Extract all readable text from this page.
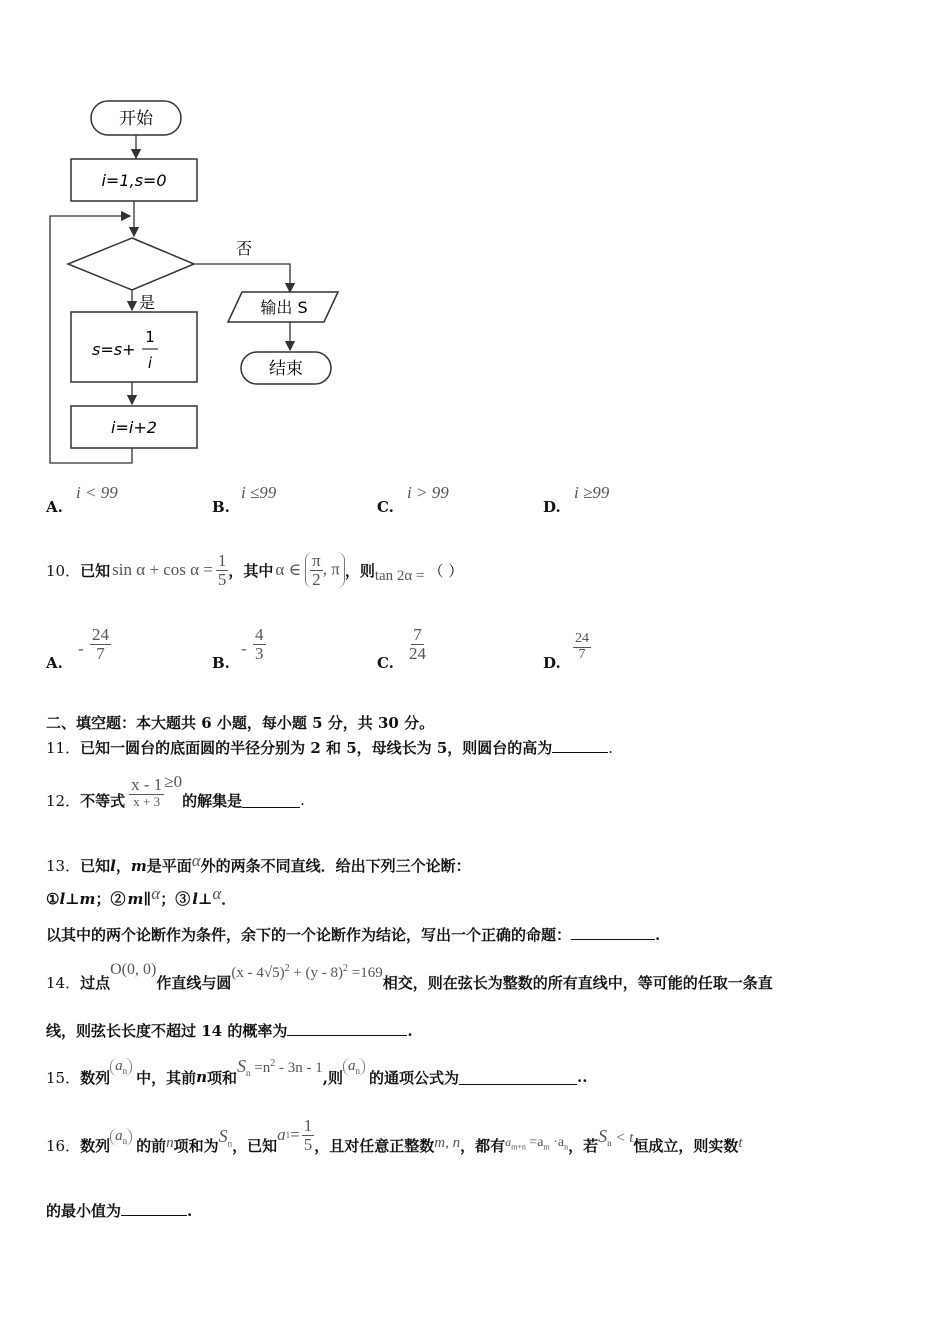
开始
i=1,s=0
否
输出 S
结束
是
s=s+
1
i
i=i+2
A.
i < 99
B.
i ≤99
C.
i > 99
D.
i ≥99
10． 已知 $\sin \alpha + \cos \alpha = \frac{1}{5}$ ，其中 α ∈ $\frac{\pi}{2}$ , π ，则 tan 2α = （ ）
A.
- $\frac{24}{7}$
B.
- $\frac{4}{3}$
C.
$\frac{7}{24}$
D.
$\frac{24}{7}$
二、填空题：本大题共 6 小题，每小题 5 分，共 30 分。
11．已知一圆台的底面圆的半径分别为 2 和 5，母线长为 5，则圆台的高为	.
12． 不等式 $\frac{x - 1}{x + 3} \ge 0$
的解集是	.
13． 已知 l ， m 是平面 α 外的两条不同直线．给出下列三个论断：
① l⊥m ；② m ∥ α ；③ l ⊥ α ．
以其中的两个论断作为条件，余下的一个论断作为结论，写出一个正确的命题：	.
14． 过点
O(0, 0)
作直线与圆
(x - 4√5)$^2$ + (y - 8)$^2$ =169
相交，则在弦长为整数的所有直线中，等可能的任取一条直
线，则弦长长度不超过 14 的概率为	.
15． 数列
$a_n$ 中，其前 n 项和
$S_n =n^2 - 3n - 1$
,则
$a_n$ 的通项公式为	..
16． 数列
$a_n$ 的前 n 项和为 $S_n$ ，已知
a $1 = \frac{1}{5}$ ，且对任意正整数 m, n ，都有 $a_{m+n} =a_m \cdot a_n$ ，若 $S_n < t$ 恒成立，则实数 t
的最小值为	.
